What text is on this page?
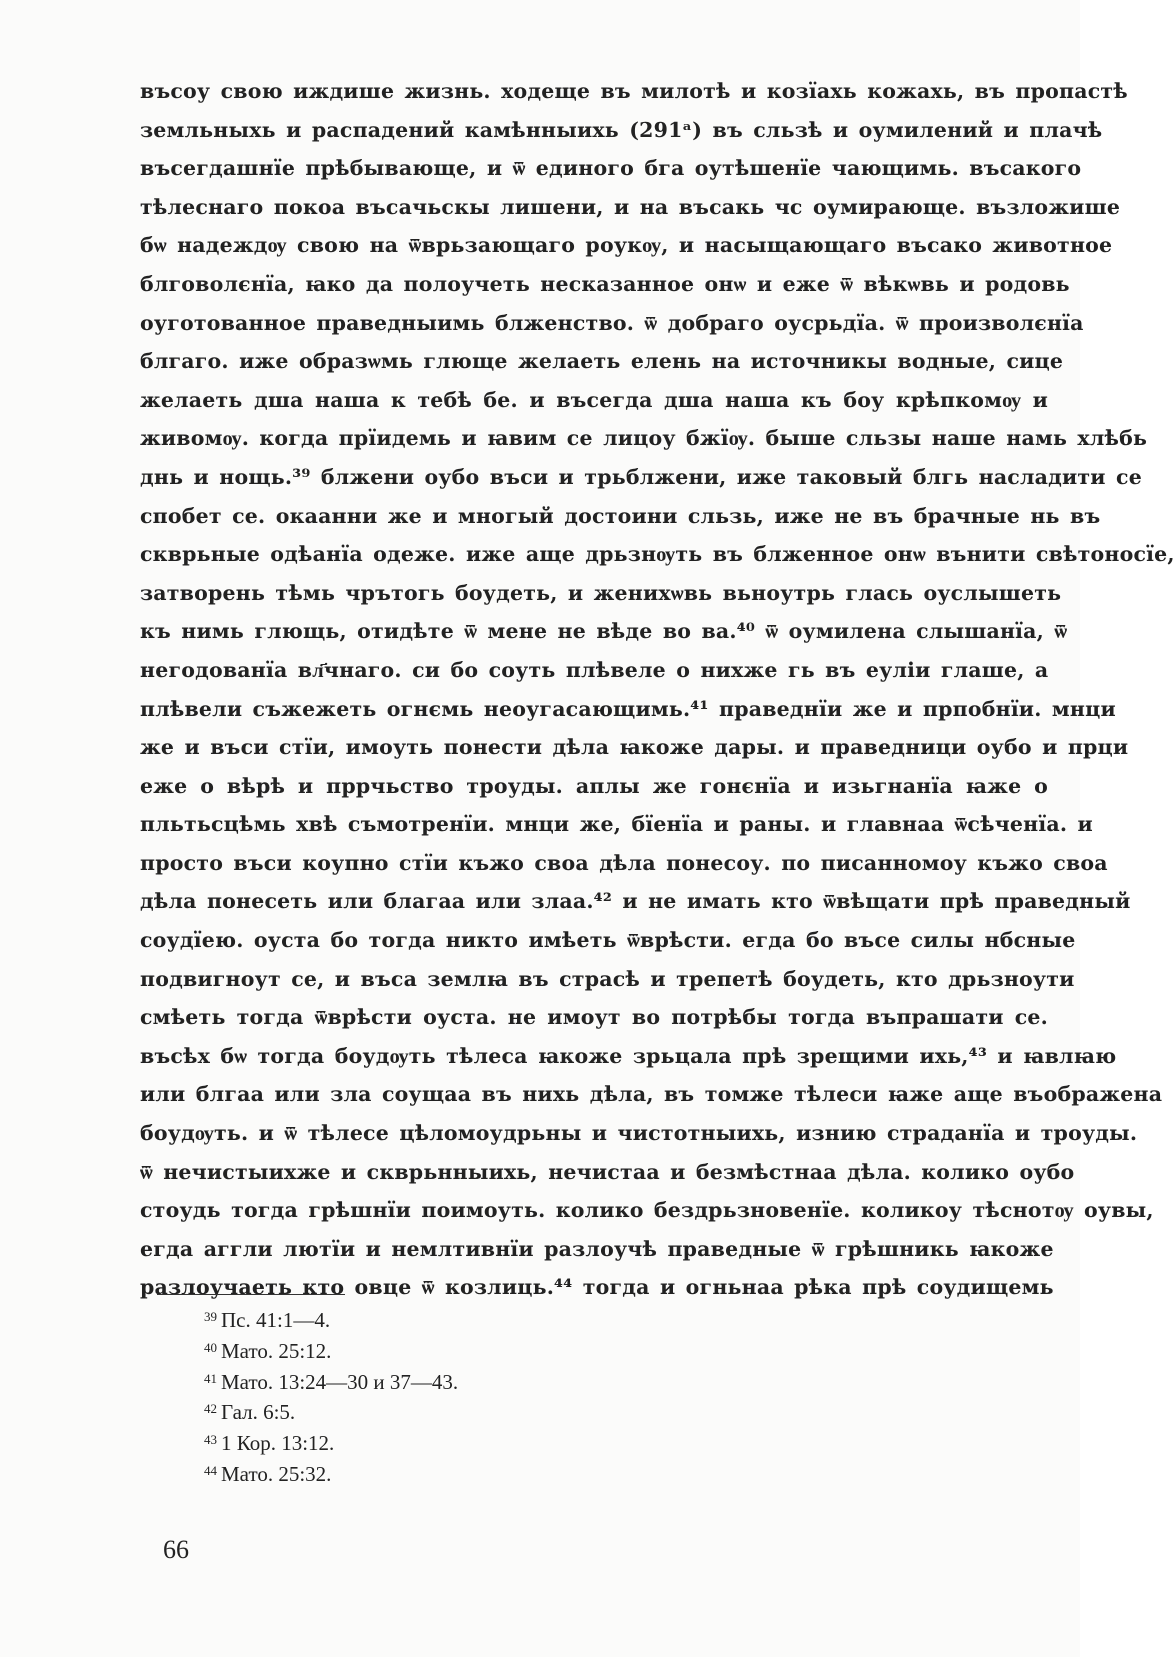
въсоу свою иждише жизнь. ходеще въ милотѣ и козїахь кожахь, въ пропастѣ
земльныхь и распадений камѣнныихь (291ᵃ) въ сльзѣ и оумилений и плачѣ
въсегдашнїе прѣбывающе, и ѿ единого бга оутѣшенїе чающимь. въсакого
тѣлеснаго покоа въсачьскы лишени, и на въсакь чс оумирающе. възложише
бѡ надеждѹ свою на ѿврьзающаго роукѹ, и насыщающаго въсако животное
блговолєнїа, ꙗко да полоучеть несказанное онѡ и еже ѿ вѣкѡвь и родовь
оуготованное праведныимь блженство. ѿ добраго оусрьдїа. ѿ произволєнїа
блгаго. иже образѡмь глюще желаеть елень на источникы водные, сице
желаеть дша наша к тебѣ бе. и въсегда дша наша къ боу крѣпкомѹ и
живомѹ. когда прїидемь и ꙗвим се лицоу бжїѹ. быше сльзы наше намь хлѣбь
днь и нощь.³⁹ блжени оубо въси и трьблжени, иже таковый блгь насладити се
спобет се. окаанни же и многый достоини сльзь, иже не въ брачные нь въ
скврьные одѣанїа одеже. иже аще дрьзнѹть въ блженное онѡ вънити свѣтоносїе,
затворень тѣмь чрътогь боудеть, и женихѡвь вьноутрь глась оуслышеть
къ нимь глющь, отидѣте ѿ мене не вѣде во ва.⁴⁰ ѿ оумилена слышанїа, ѿ
негодованїа вл҃чнаго. си бо соуть плѣвеле о нихже гь въ еуліи глаше, а
плѣвели съжежеть огнємь неоугасающимь.⁴¹ праведнїи же и прпобнїи. мнци
же и въси стїи, имоуть понести дѣла ꙗкоже дары. и праведници оубо и прци
еже о вѣрѣ и пррчьство троуды. аплы же гонєнїа и изьгнанїа ꙗже о
пльтьсцѣмь хвѣ съмотренїи. мнци же, бїенїа и раны. и главнаа ѿсѣченїа. и
просто въси коупно стїи къжо своа дѣла понесоу. по писанномоу къжо своа
дѣла понесеть или благаа или злаа.⁴² и не имать кто ѿвѣщати прѣ праведный
соудїею. оуста бо тогда никто имѣеть ѿврѣсти. егда бо въсе силы нбсные
подвигноут се, и въса землꙗ въ страсѣ и трепетѣ боудеть, кто дрьзноути
смѣеть тогда ѿврѣсти оуста. не имоут во потрѣбы тогда въпрашати се.
въсѣх бѡ тогда боудѹть тѣлеса ꙗкоже зрьцала прѣ зрещими ихь,⁴³ и ꙗвлꙗю
или блгаа или зла соущаа въ нихь дѣла, въ томже тѣлеси ꙗже аще въображена
боудѹть. и ѿ тѣлесе цѣломоудрьны и чистотныихь, изнию страданїа и троуды.
ѿ нечистыихже и скврьнныихь, нечистаа и безмѣстнаа дѣла. колико оубо
стоудь тогда грѣшнїи поимоуть. колико бездрьзновенїе. коликоу тѣснотѹ оувы,
егда аггли лютїи и немлтивнїи разлоучѣ праведные ѿ грѣшникь ꙗкоже
разлоучаеть кто овце ѿ козлиць.⁴⁴ тогда и огньнаа рѣка прѣ соудищемь
$^{39}$ Пс. 41:1—4.
$^{40}$ Мато. 25:12.
$^{41}$ Мато. 13:24—30 и 37—43.
$^{42}$ Гал. 6:5.
$^{43}$ 1 Кор. 13:12.
$^{44}$ Мато. 25:32.
66
